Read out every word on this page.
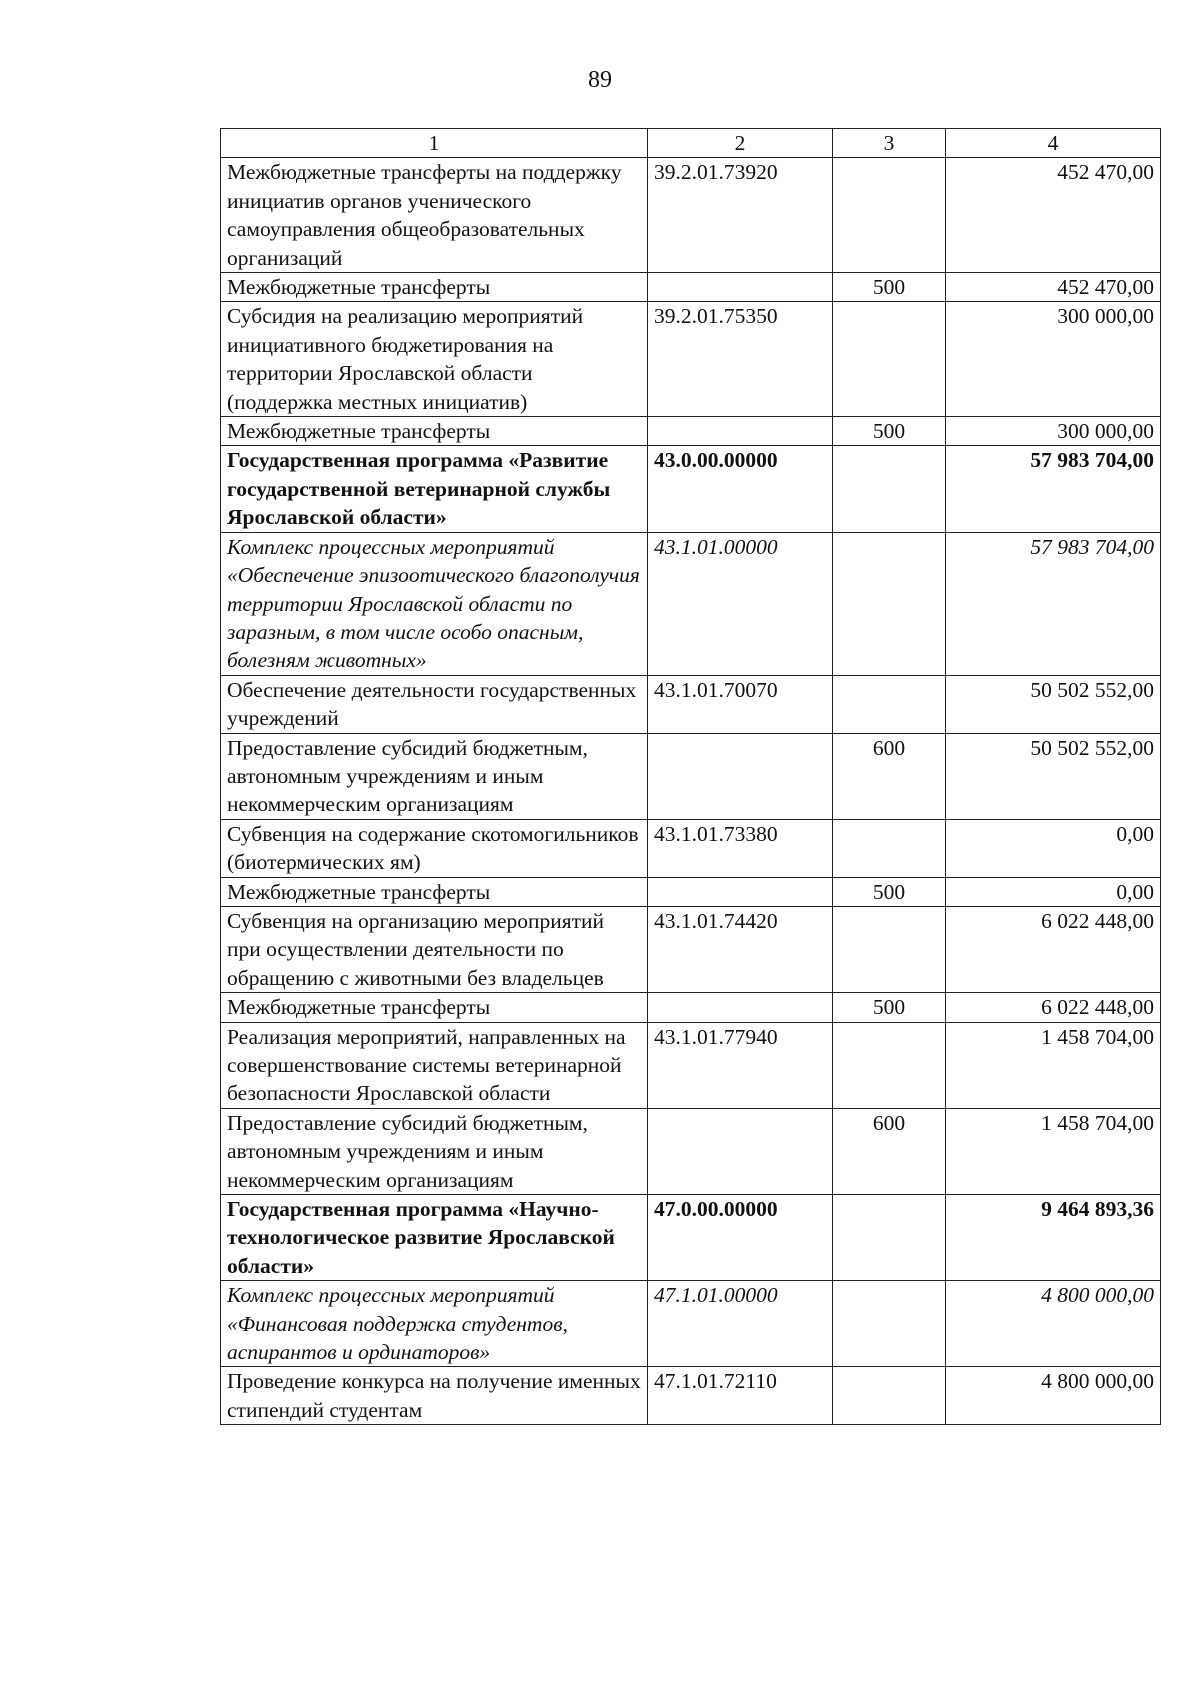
89
1	2	3	4
Межбюджетные трансферты на поддержку инициатив органов ученического самоуправления общеобразовательных организаций	39.2.01.73920		452 470,00
Межбюджетные трансферты		500	452 470,00
Субсидия на реализацию мероприятий инициативного бюджетирования на территории Ярославской области (поддержка местных инициатив)	39.2.01.75350		300 000,00
Межбюджетные трансферты		500	300 000,00
Государственная программа «Развитие государственной ветеринарной службы Ярославской области»	43.0.00.00000		57 983 704,00
Комплекс процессных мероприятий «Обеспечение эпизоотического благополучия территории Ярославской области по заразным, в том числе особо опасным, болезням животных»	43.1.01.00000		57 983 704,00
Обеспечение деятельности государственных учреждений	43.1.01.70070		50 502 552,00
Предоставление субсидий бюджетным, автономным учреждениям и иным некоммерческим организациям		600	50 502 552,00
Субвенция на содержание скотомогильников (биотермических ям)	43.1.01.73380		0,00
Межбюджетные трансферты		500	0,00
Субвенция на организацию мероприятий при осуществлении деятельности по обращению с животными без владельцев	43.1.01.74420		6 022 448,00
Межбюджетные трансферты		500	6 022 448,00
Реализация мероприятий, направленных на совершенствование системы ветеринарной безопасности Ярославской области	43.1.01.77940		1 458 704,00
Предоставление субсидий бюджетным, автономным учреждениям и иным некоммерческим организациям		600	1 458 704,00
Государственная программа «Научно-технологическое развитие Ярославской области»	47.0.00.00000		9 464 893,36
Комплекс процессных мероприятий «Финансовая поддержка студентов, аспирантов и ординаторов»	47.1.01.00000		4 800 000,00
Проведение конкурса на получение именных стипендий студентам	47.1.01.72110		4 800 000,00
